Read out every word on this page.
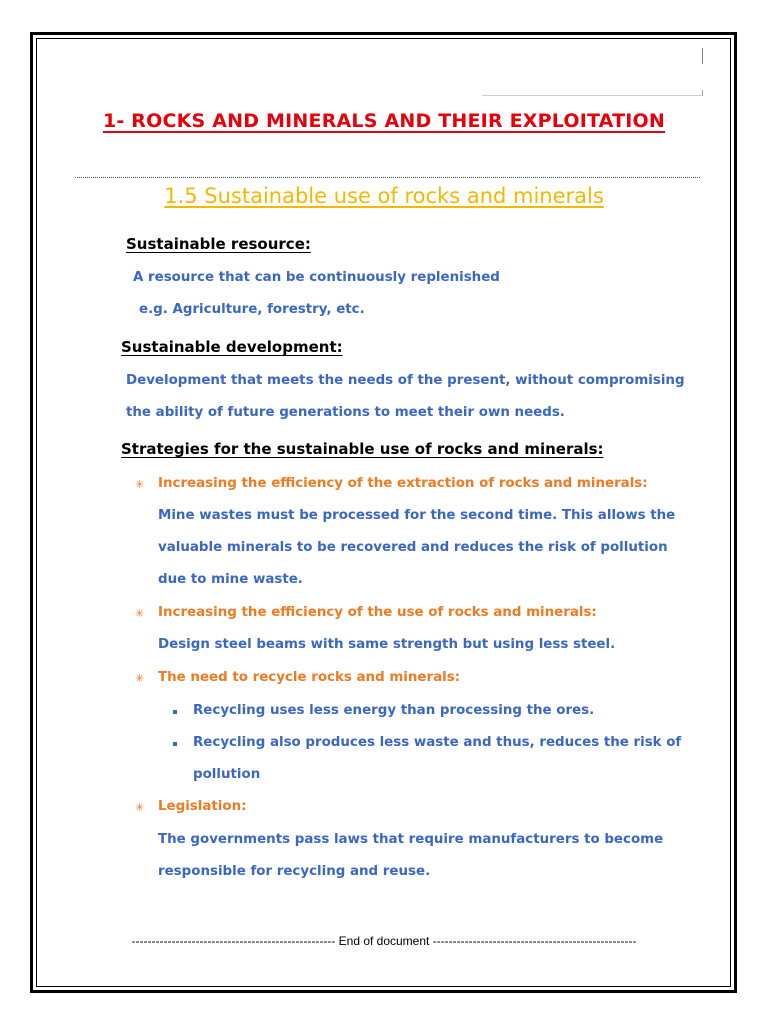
1- ROCKS AND MINERALS AND THEIR EXPLOITATION
1.5 Sustainable use of rocks and minerals
Sustainable resource:
A resource that can be continuously replenished
e.g. Agriculture, forestry, etc.
Sustainable development:
Development that meets the needs of the present, without compromising
the ability of future generations to meet their own needs.
Strategies for the sustainable use of rocks and minerals:
✳ Increasing the efficiency of the extraction of rocks and minerals:
Mine wastes must be processed for the second time. This allows the
valuable minerals to be recovered and reduces the risk of pollution
due to mine waste.
✳ Increasing the efficiency of the use of rocks and minerals:
Design steel beams with same strength but using less steel.
✳ The need to recycle rocks and minerals:
Recycling uses less energy than processing the ores.
Recycling also produces less waste and thus, reduces the risk of
pollution
✳ Legislation:
The governments pass laws that require manufacturers to become
responsible for recycling and reuse.
--------------------------------------------------- End of document ---------------------------------------------------
